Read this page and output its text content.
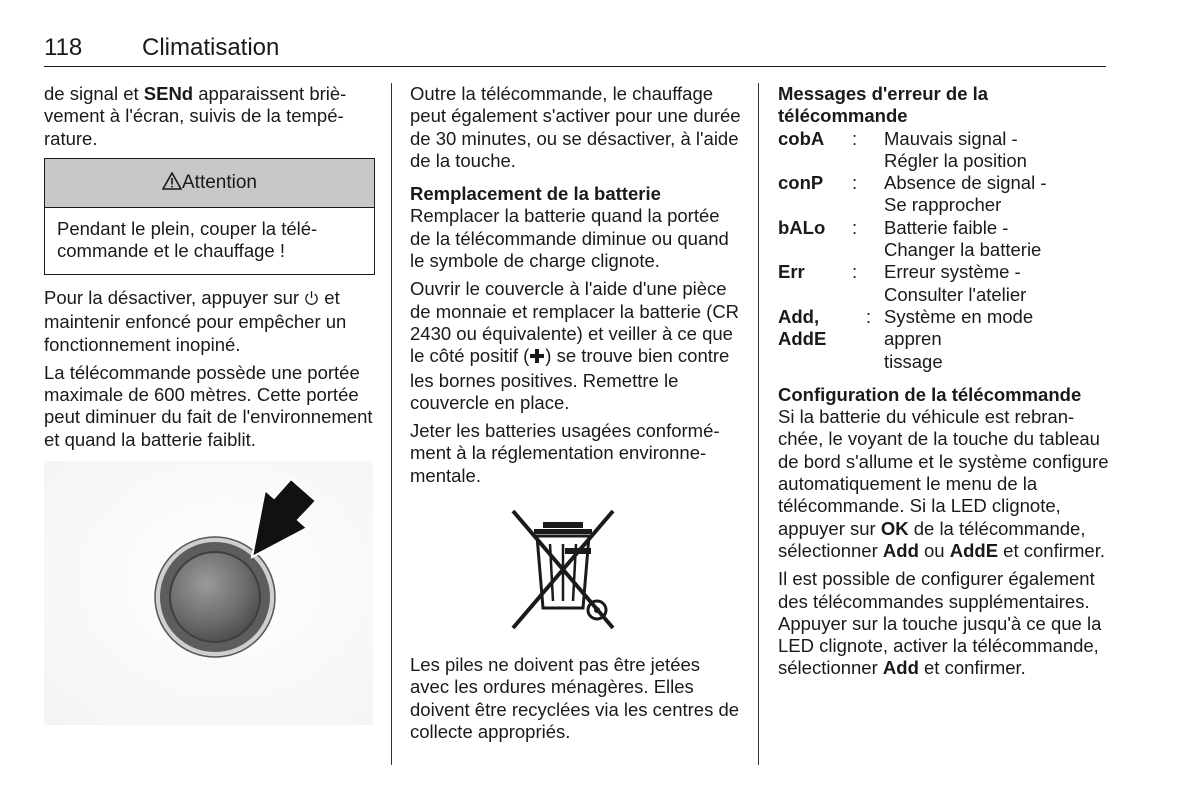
118 Climatisation

de signal et SENd apparaissent brièvement à l'écran, suivis de la température.

Attention
Pendant le plein, couper la télécommande et le chauffage !

Pour la désactiver, appuyer sur  et maintenir enfoncé pour empêcher un fonctionnement inopiné.

La télécommande possède une portée maximale de 600 mètres. Cette portée peut diminuer du fait de l'environnement et quand la batterie faiblit.

Outre la télécommande, le chauffage peut également s'activer pour une durée de 30 minutes, ou se désactiver, à l'aide de la touche.

Remplacement de la batterie

Remplacer la batterie quand la portée de la télécommande diminue ou quand le symbole de charge clignote.

Ouvrir le couvercle à l'aide d'une pièce de monnaie et remplacer la batterie (CR 2430 ou équivalente) et veiller à ce que le côté positif ( ) se trouve bien contre les bornes positives. Remettre le couvercle en place.

Jeter les batteries usagées conformément à la réglementation environnementale.

Les piles ne doivent pas être jetées avec les ordures ménagères. Elles doivent être recyclées via les centres de collecte appropriés.

Messages d'erreur de la télécommande

cobA	:	Mauvais signal -
Régler la position

conP	:	Absence de signal -
Se rapprocher

bALo	:	Batterie faible -
Changer la batterie

Err	:	Erreur système -
Consulter l'atelier

Add, AddE	:	Système en mode appren
tissage

Configuration de la télécommande

Si la batterie du véhicule est rebranchée, le voyant de la touche du tableau de bord s'allume et le système configure automatiquement le menu de la télécommande. Si la LED clignote, appuyer sur OK de la télécommande, sélectionner Add ou AddE et confirmer.

Il est possible de configurer également des télécommandes supplémentaires. Appuyer sur la touche jusqu'à ce que la LED clignote, activer la télécommande, sélectionner Add et confirmer.
